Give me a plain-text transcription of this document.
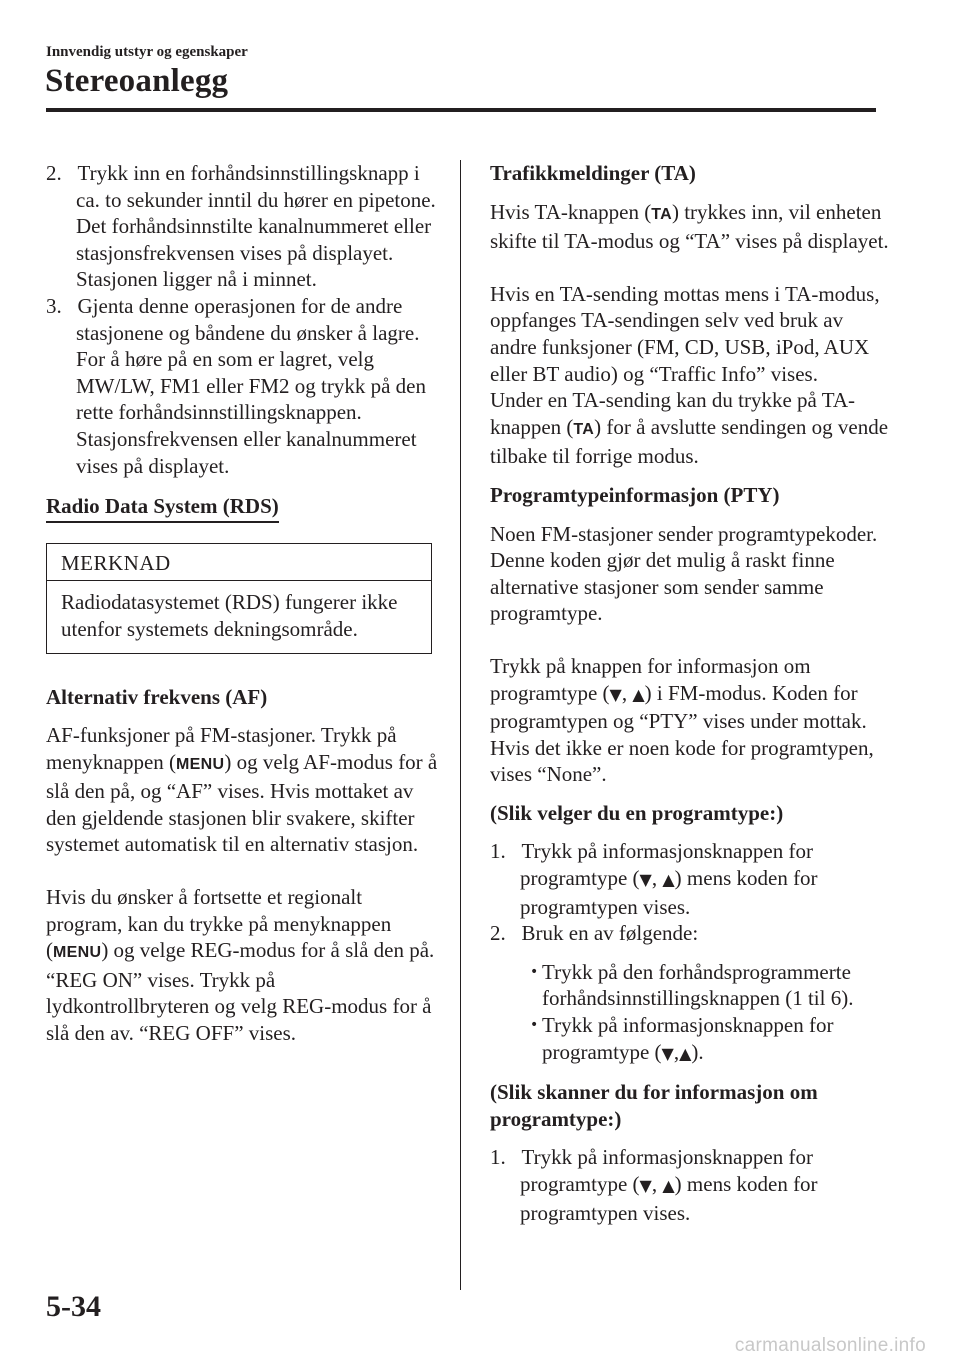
Innvendig utstyr og egenskaper
Stereoanlegg

2. Trykk inn en forhåndsinnstillingsknapp i ca. to sekunder inntil du hører en pipetone. Det forhåndsinnstilte kanalnummeret eller stasjonsfrekvensen vises på displayet. Stasjonen ligger nå i minnet.

3. Gjenta denne operasjonen for de andre stasjonene og båndene du ønsker å lagre. For å høre på en som er lagret, velg MW/LW, FM1 eller FM2 og trykk på den rette forhåndsinnstillingsknappen. Stasjonsfrekvensen eller kanalnummeret vises på displayet.

Radio Data System (RDS)

MERKNAD
Radiodatasystemet (RDS) fungerer ikke utenfor systemets dekningsområde.

Alternativ frekvens (AF)

AF-funksjoner på FM-stasjoner. Trykk på menyknappen (MENU) og velg AF-modus for å slå den på, og “AF” vises. Hvis mottaket av den gjeldende stasjonen blir svakere, skifter systemet automatisk til en alternativ stasjon.

Hvis du ønsker å fortsette et regionalt program, kan du trykke på menyknappen (MENU) og velge REG-modus for å slå den på. “REG ON” vises. Trykk på lydkontrollbryteren og velg REG-modus for å slå den av. “REG OFF” vises.

Trafikkmeldinger (TA)

Hvis TA-knappen (TA) trykkes inn, vil enheten skifte til TA-modus og “TA” vises på displayet.

Hvis en TA-sending mottas mens i TA-modus, oppfanges TA-sendingen selv ved bruk av andre funksjoner (FM, CD, USB, iPod, AUX eller BT audio) og “Traffic Info” vises.

Under en TA-sending kan du trykke på TA-knappen (TA) for å avslutte sendingen og vende tilbake til forrige modus.

Programtypeinformasjon (PTY)

Noen FM-stasjoner sender programtypekoder. Denne koden gjør det mulig å raskt finne alternative stasjoner som sender samme programtype.

Trykk på knappen for informasjon om programtype (▼, ▲) i FM-modus. Koden for programtypen og “PTY” vises under mottak. Hvis det ikke er noen kode for programtypen, vises “None”.

(Slik velger du en programtype:)

1. Trykk på informasjonsknappen for programtype (▼, ▲) mens koden for programtypen vises.

2. Bruk en av følgende:

• Trykk på den forhåndsprogrammerte forhåndsinnstillingsknappen (1 til 6).

• Trykk på informasjonsknappen for programtype (▼,▲).

(Slik skanner du for informasjon om programtype:)

1. Trykk på informasjonsknappen for programtype (▼, ▲) mens koden for programtypen vises.

5-34
carmanualsonline.info
